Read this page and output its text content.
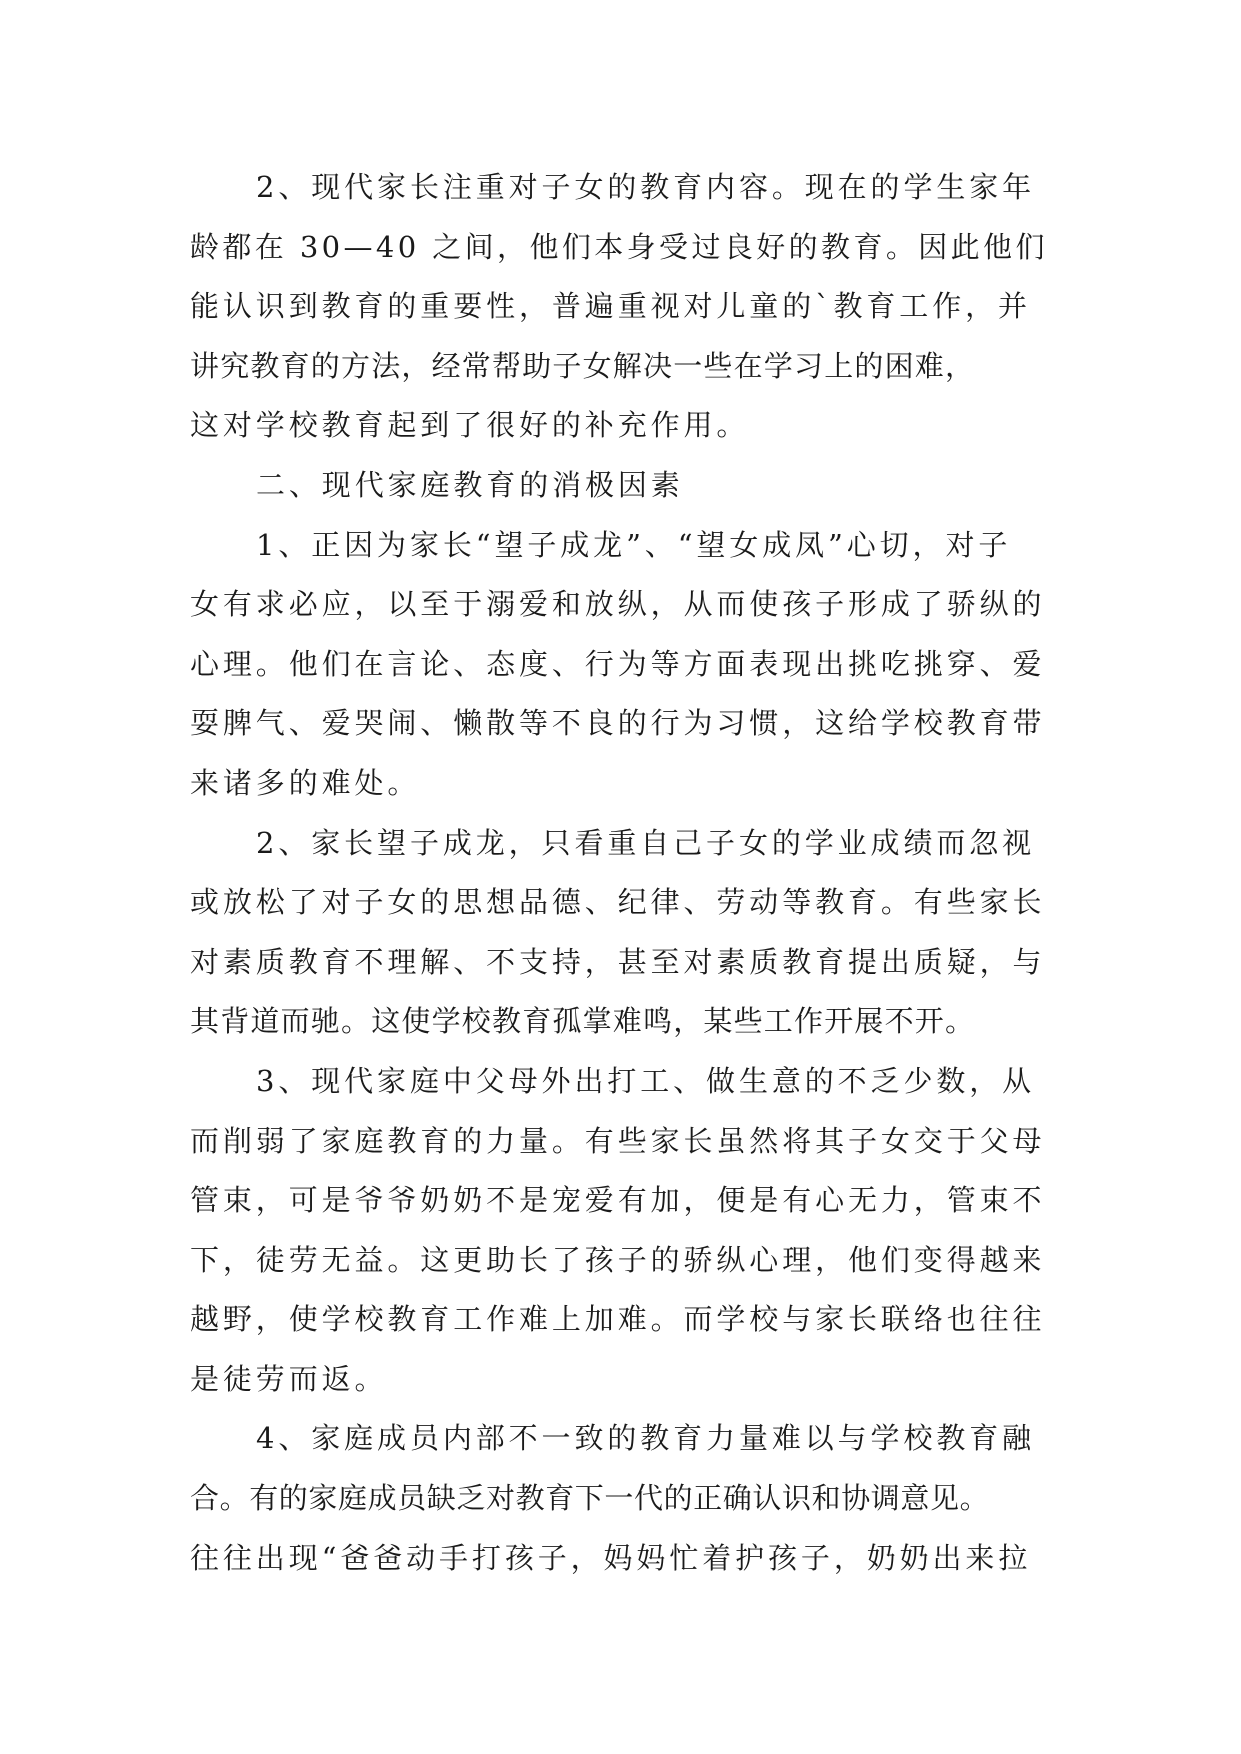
2、现代家长注重对子女的教育内容。现在的学生家年
龄都在 30—40 之间，他们本身受过良好的教育。因此他们
能认识到教育的重要性，普遍重视对儿童的`教育工作，并
讲究教育的方法，经常帮助子女解决一些在学习上的困难，
这对学校教育起到了很好的补充作用。

二、现代家庭教育的消极因素

1、正因为家长“望子成龙”、“望女成凤”心切，对子
女有求必应，以至于溺爱和放纵，从而使孩子形成了骄纵的
心理。他们在言论、态度、行为等方面表现出挑吃挑穿、爱
耍脾气、爱哭闹、懒散等不良的行为习惯，这给学校教育带
来诸多的难处。

2、家长望子成龙，只看重自己子女的学业成绩而忽视
或放松了对子女的思想品德、纪律、劳动等教育。有些家长
对素质教育不理解、不支持，甚至对素质教育提出质疑，与
其背道而驰。这使学校教育孤掌难鸣，某些工作开展不开。

3、现代家庭中父母外出打工、做生意的不乏少数，从
而削弱了家庭教育的力量。有些家长虽然将其子女交于父母
管束，可是爷爷奶奶不是宠爱有加，便是有心无力，管束不
下，徒劳无益。这更助长了孩子的骄纵心理，他们变得越来
越野，使学校教育工作难上加难。而学校与家长联络也往往
是徒劳而返。

4、家庭成员内部不一致的教育力量难以与学校教育融
合。有的家庭成员缺乏对教育下一代的正确认识和协调意见。
往往出现“爸爸动手打孩子，妈妈忙着护孩子，奶奶出来拉
